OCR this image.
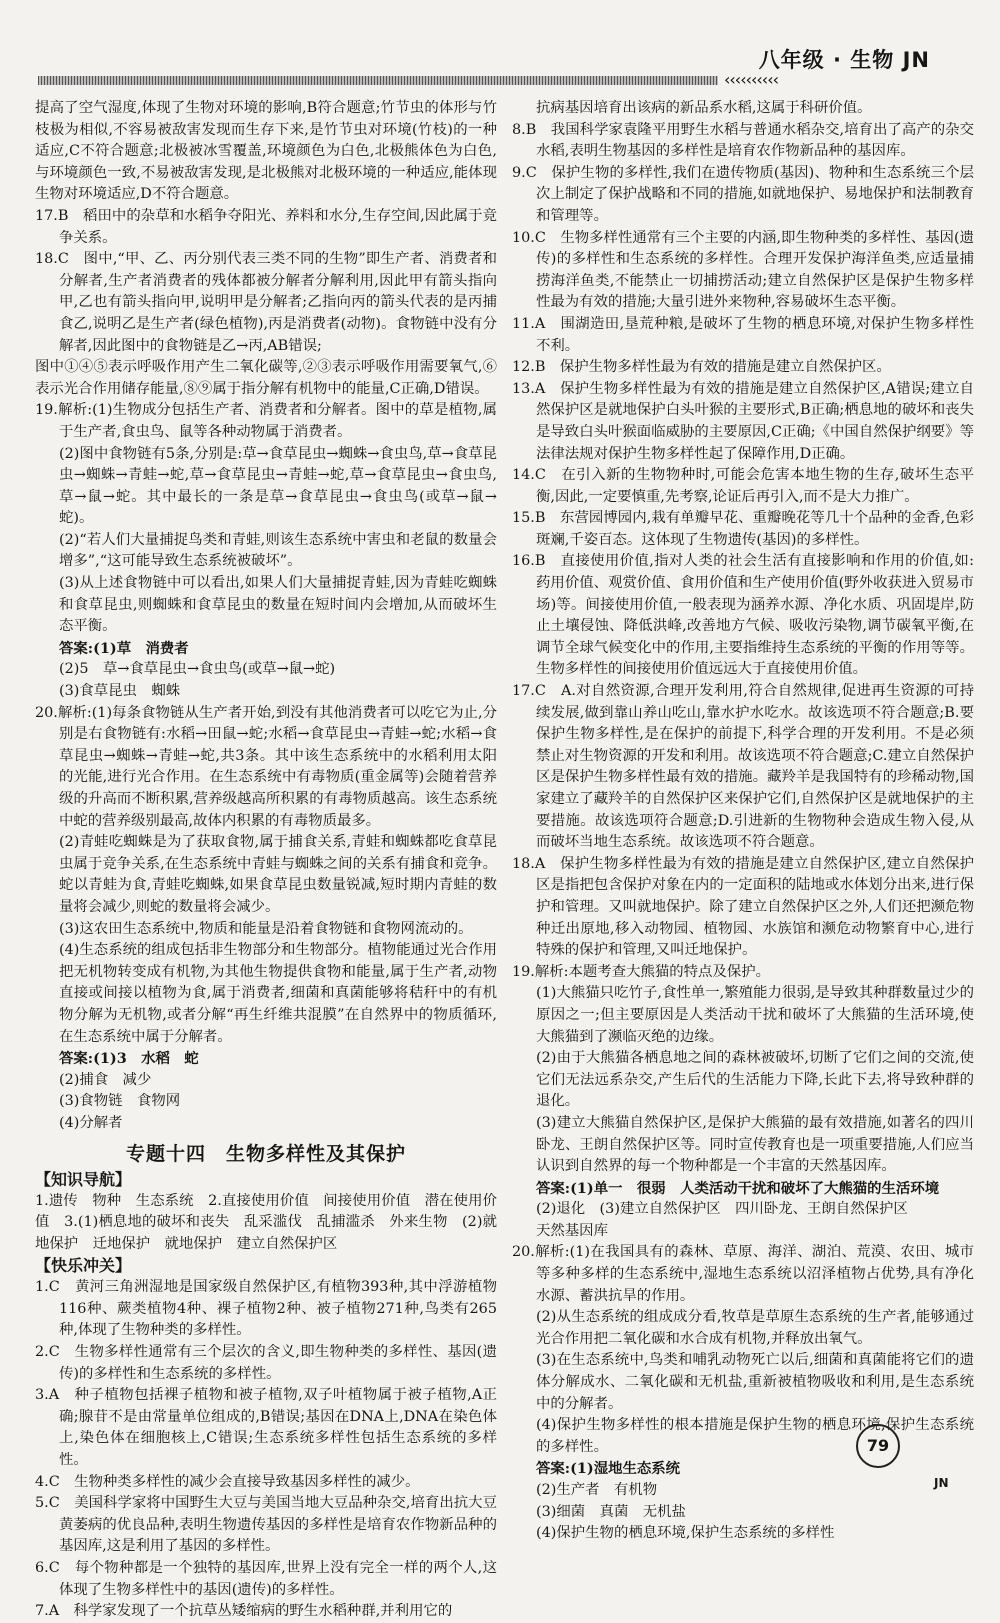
‹‹‹‹‹‹‹‹‹‹
八年级 · 生物 JN

提高了空气湿度,体现了生物对环境的影响,B符合题意;竹节虫的体形与竹枝极为相似,不容易被敌害发现而生存下来,是竹节虫对环境(竹枝)的一种适应,C不符合题意;北极被冰雪覆盖,环境颜色为白色,北极熊体色为白色,与环境颜色一致,不易被敌害发现,是北极熊对北极环境的一种适应,能体现生物对环境适应,D不符合题意。

17.B　稻田中的杂草和水稻争夺阳光、养料和水分,生存空间,因此属于竞争关系。

18.C　图中,“甲、乙、丙分别代表三类不同的生物”即生产者、消费者和分解者,生产者消费者的残体都被分解者分解利用,因此甲有箭头指向甲,乙也有箭头指向甲,说明甲是分解者;乙指向丙的箭头代表的是丙捕食乙,说明乙是生产者(绿色植物),丙是消费者(动物)。食物链中没有分解者,因此图中的食物链是乙→丙,AB错误;

图中①④⑤表示呼吸作用产生二氧化碳等,②③表示呼吸作用需要氧气,⑥表示光合作用储存能量,⑧⑨属于指分解有机物中的能量,C正确,D错误。

19.解析:(1)生物成分包括生产者、消费者和分解者。图中的草是植物,属于生产者,食虫鸟、鼠等各种动物属于消费者。

(2)图中食物链有5条,分别是:草→食草昆虫→蜘蛛→食虫鸟,草→食草昆虫→蜘蛛→青蛙→蛇,草→食草昆虫→青蛙→蛇,草→食草昆虫→食虫鸟,草→鼠→蛇。其中最长的一条是草→食草昆虫→食虫鸟(或草→鼠→蛇)。

(2)“若人们大量捕捉鸟类和青蛙,则该生态系统中害虫和老鼠的数量会增多”,“这可能导致生态系统被破坏”。

(3)从上述食物链中可以看出,如果人们大量捕捉青蛙,因为青蛙吃蜘蛛和食草昆虫,则蜘蛛和食草昆虫的数量在短时间内会增加,从而破坏生态平衡。

答案:(1)草　消费者

(2)5　草→食草昆虫→食虫鸟(或草→鼠→蛇)

(3)食草昆虫　蜘蛛

20.解析:(1)每条食物链从生产者开始,到没有其他消费者可以吃它为止,分别是右食物链有:水稻→田鼠→蛇;水稻→食草昆虫→青蛙→蛇;水稻→食草昆虫→蜘蛛→青蛙→蛇,共3条。其中该生态系统中的水稻利用太阳的光能,进行光合作用。在生态系统中有毒物质(重金属等)会随着营养级的升高而不断积累,营养级越高所积累的有毒物质越高。该生态系统中蛇的营养级别最高,故体内积累的有毒物质最多。

(2)青蛙吃蜘蛛是为了获取食物,属于捕食关系,青蛙和蜘蛛都吃食草昆虫属于竞争关系,在生态系统中青蛙与蜘蛛之间的关系有捕食和竞争。蛇以青蛙为食,青蛙吃蜘蛛,如果食草昆虫数量锐减,短时期内青蛙的数量将会减少,则蛇的数量将会减少。

(3)这农田生态系统中,物质和能量是沿着食物链和食物网流动的。

(4)生态系统的组成包括非生物部分和生物部分。植物能通过光合作用把无机物转变成有机物,为其他生物提供食物和能量,属于生产者,动物直接或间接以植物为食,属于消费者,细菌和真菌能够将秸秆中的有机物分解为无机物,或者分解“再生纤维共混膜”在自然界中的物质循环,在生态系统中属于分解者。

答案:(1)3　水稻　蛇

(2)捕食　减少

(3)食物链　食物网

(4)分解者

专题十四　生物多样性及其保护

【知识导航】

1.遗传　物种　生态系统　2.直接使用价值　间接使用价值　潜在使用价值　3.(1)栖息地的破坏和丧失　乱采滥伐　乱捕滥杀　外来生物　(2)就地保护　迁地保护　就地保护　建立自然保护区

【快乐冲关】

1.C　黄河三角洲湿地是国家级自然保护区,有植物393种,其中浮游植物116种、蕨类植物4种、裸子植物2种、被子植物271种,鸟类有265种,体现了生物种类的多样性。

2.C　生物多样性通常有三个层次的含义,即生物种类的多样性、基因(遗传)的多样性和生态系统的多样性。

3.A　种子植物包括裸子植物和被子植物,双子叶植物属于被子植物,A正确;腺苷不是由常量单位组成的,B错误;基因在DNA上,DNA在染色体上,染色体在细胞核上,C错误;生态系统多样性包括生态系统的多样性。

4.C　生物种类多样性的减少会直接导致基因多样性的减少。

5.C　美国科学家将中国野生大豆与美国当地大豆品种杂交,培育出抗大豆黄萎病的优良品种,表明生物遗传基因的多样性是培育农作物新品种的基因库,这是利用了基因的多样性。

6.C　每个物种都是一个独特的基因库,世界上没有完全一样的两个人,这体现了生物多样性中的基因(遗传)的多样性。

7.A　科学家发现了一个抗草丛矮缩病的野生水稻种群,并利用它的

抗病基因培育出该病的新品系水稻,这属于科研价值。

8.B　我国科学家袁隆平用野生水稻与普通水稻杂交,培育出了高产的杂交水稻,表明生物基因的多样性是培育农作物新品种的基因库。

9.C　保护生物的多样性,我们在遗传物质(基因)、物种和生态系统三个层次上制定了保护战略和不同的措施,如就地保护、易地保护和法制教育和管理等。

10.C　生物多样性通常有三个主要的内涵,即生物种类的多样性、基因(遗传)的多样性和生态系统的多样性。合理开发保护海洋鱼类,应适量捕捞海洋鱼类,不能禁止一切捕捞活动;建立自然保护区是保护生物多样性最为有效的措施;大量引进外来物种,容易破坏生态平衡。

11.A　围湖造田,垦荒种粮,是破坏了生物的栖息环境,对保护生物多样性不利。

12.B　保护生物多样性最为有效的措施是建立自然保护区。

13.A　保护生物多样性最为有效的措施是建立自然保护区,A错误;建立自然保护区是就地保护白头叶猴的主要形式,B正确;栖息地的破坏和丧失是导致白头叶猴面临威胁的主要原因,C正确;《中国自然保护纲要》等法律法规对保护生物多样性起了保障作用,D正确。

14.C　在引入新的生物物种时,可能会危害本地生物的生存,破坏生态平衡,因此,一定要慎重,先考察,论证后再引入,而不是大力推广。

15.B　东营园博园内,栽有单瓣早花、重瓣晚花等几十个品种的金香,色彩斑斓,千姿百态。这体现了生物遗传(基因)的多样性。

16.B　直接使用价值,指对人类的社会生活有直接影响和作用的价值,如:药用价值、观赏价值、食用价值和生产使用价值(野外收获进入贸易市场)等。间接使用价值,一般表现为涵养水源、净化水质、巩固堤岸,防止土壤侵蚀、降低洪峰,改善地方气候、吸收污染物,调节碳氧平衡,在调节全球气候变化中的作用,主要指维持生态系统的平衡的作用等等。生物多样性的间接使用价值远远大于直接使用价值。

17.C　A.对自然资源,合理开发利用,符合自然规律,促进再生资源的可持续发展,做到靠山养山吃山,靠水护水吃水。故该选项不符合题意;B.要保护生物多样性,是在保护的前提下,科学合理的开发利用。不是必须禁止对生物资源的开发和利用。故该选项不符合题意;C.建立自然保护区是保护生物多样性最有效的措施。藏羚羊是我国特有的珍稀动物,国家建立了藏羚羊的自然保护区来保护它们,自然保护区是就地保护的主要措施。故该选项符合题意;D.引进新的生物物种会造成生物入侵,从而破坏当地生态系统。故该选项不符合题意。

18.A　保护生物多样性最为有效的措施是建立自然保护区,建立自然保护区是指把包含保护对象在内的一定面积的陆地或水体划分出来,进行保护和管理。又叫就地保护。除了建立自然保护区之外,人们还把濒危物种迁出原地,移入动物园、植物园、水族馆和濒危动物繁育中心,进行特殊的保护和管理,又叫迁地保护。

19.解析:本题考查大熊猫的特点及保护。

(1)大熊猫只吃竹子,食性单一,繁殖能力很弱,是导致其种群数量过少的原因之一;但主要原因是人类活动干扰和破坏了大熊猫的生活环境,使大熊猫到了濒临灭绝的边缘。

(2)由于大熊猫各栖息地之间的森林被破坏,切断了它们之间的交流,使它们无法远系杂交,产生后代的生活能力下降,长此下去,将导致种群的退化。

(3)建立大熊猫自然保护区,是保护大熊猫的最有效措施,如著名的四川卧龙、王朗自然保护区等。同时宣传教育也是一项重要措施,人们应当认识到自然界的每一个物种都是一个丰富的天然基因库。

答案:(1)单一　很弱　人类活动干扰和破坏了大熊猫的生活环境

(2)退化　(3)建立自然保护区　四川卧龙、王朗自然保护区

天然基因库

20.解析:(1)在我国具有的森林、草原、海洋、湖泊、荒漠、农田、城市等多种多样的生态系统中,湿地生态系统以沼泽植物占优势,具有净化水源、蓄洪抗旱的作用。

(2)从生态系统的组成成分看,牧草是草原生态系统的生产者,能够通过光合作用把二氧化碳和水合成有机物,并释放出氧气。

(3)在生态系统中,鸟类和哺乳动物死亡以后,细菌和真菌能将它们的遗体分解成水、二氧化碳和无机盐,重新被植物吸收和利用,是生态系统中的分解者。

(4)保护生物多样性的根本措施是保护生物的栖息环境,保护生态系统的多样性。

答案:(1)湿地生态系统

(2)生产者　有机物

(3)细菌　真菌　无机盐

(4)保护生物的栖息环境,保护生态系统的多样性

79
JN
